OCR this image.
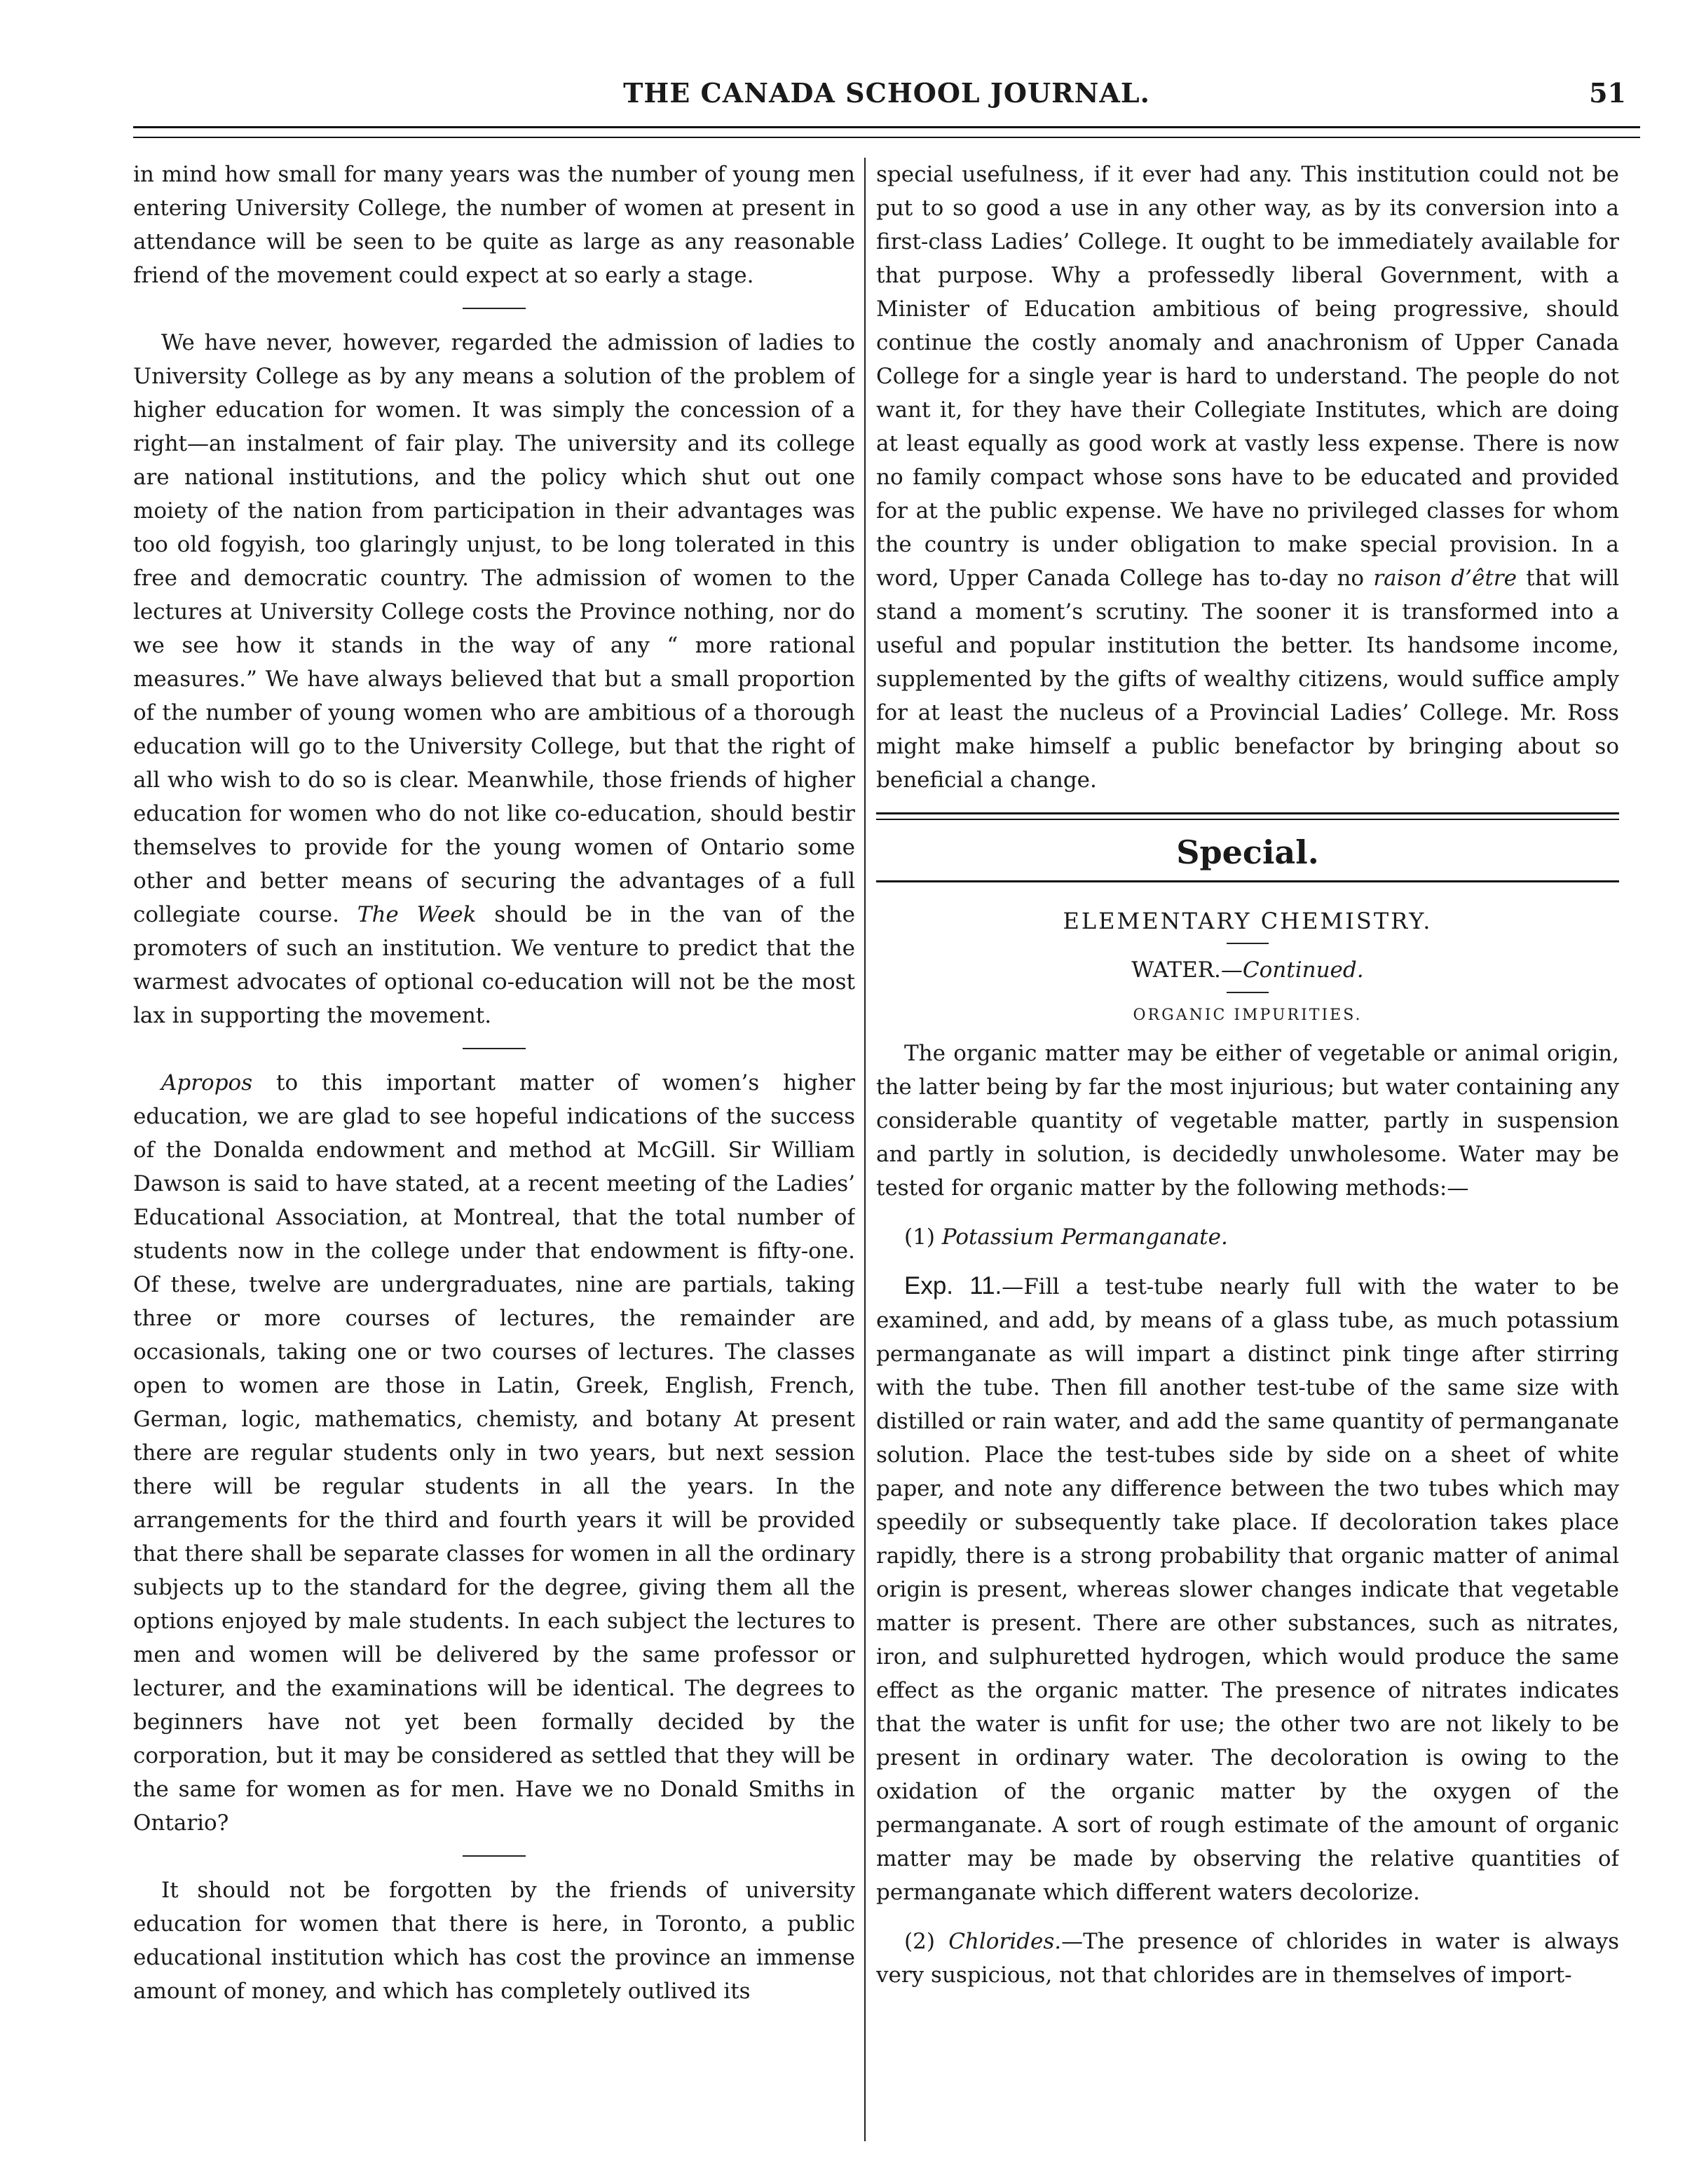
THE CANADA SCHOOL JOURNAL.	51

in mind how small for many years was the number of young men entering University College, the number of women at present in attendance will be seen to be quite as large as any reasonable friend of the movement could expect at so early a stage.

We have never, however, regarded the admission of ladies to University College as by any means a solution of the problem of higher education for women. It was simply the concession of a right—an instalment of fair play. The university and its college are national institutions, and the policy which shut out one moiety of the nation from participation in their advantages was too old fogyish, too glaringly unjust, to be long tolerated in this free and democratic country. The admission of women to the lectures at University College costs the Province nothing, nor do we see how it stands in the way of any “ more rational measures.” We have always believed that but a small proportion of the number of young women who are ambitious of a thorough education will go to the University College, but that the right of all who wish to do so is clear. Meanwhile, those friends of higher education for women who do not like co-education, should bestir themselves to provide for the young women of Ontario some other and better means of securing the advantages of a full collegiate course. The Week should be in the van of the promoters of such an institution. We venture to predict that the warmest advocates of optional co-education will not be the most lax in supporting the movement.

Apropos to this important matter of women’s higher education, we are glad to see hopeful indications of the success of the Donalda endowment and method at McGill. Sir William Dawson is said to have stated, at a recent meeting of the Ladies’ Educational Association, at Montreal, that the total number of students now in the college under that endowment is fifty-one. Of these, twelve are undergraduates, nine are partials, taking three or more courses of lectures, the remainder are occasionals, taking one or two courses of lectures. The classes open to women are those in Latin, Greek, English, French, German, logic, mathematics, chemisty, and botany At present there are regular students only in two years, but next session there will be regular students in all the years. In the arrangements for the third and fourth years it will be provided that there shall be separate classes for women in all the ordinary subjects up to the standard for the degree, giving them all the options enjoyed by male students. In each subject the lectures to men and women will be delivered by the same professor or lecturer, and the examinations will be identical. The degrees to beginners have not yet been formally decided by the corporation, but it may be considered as settled that they will be the same for women as for men. Have we no Donald Smiths in Ontario?

It should not be forgotten by the friends of university education for women that there is here, in Toronto, a public educational institution which has cost the province an immense amount of money, and which has completely outlived its

special usefulness, if it ever had any. This institution could not be put to so good a use in any other way, as by its conversion into a first-class Ladies’ College. It ought to be immediately available for that purpose. Why a professedly liberal Government, with a Minister of Education ambitious of being progressive, should continue the costly anomaly and anachronism of Upper Canada College for a single year is hard to understand. The people do not want it, for they have their Collegiate Institutes, which are doing at least equally as good work at vastly less expense. There is now no family compact whose sons have to be educated and provided for at the public expense. We have no privileged classes for whom the country is under obligation to make special provision. In a word, Upper Canada College has to-day no raison d’être that will stand a moment’s scrutiny. The sooner it is transformed into a useful and popular institution the better. Its handsome income, supplemented by the gifts of wealthy citizens, would suffice amply for at least the nucleus of a Provincial Ladies’ College. Mr. Ross might make himself a public benefactor by bringing about so beneficial a change.

Special.
ELEMENTARY CHEMISTRY.
WATER.—Continued.
ORGANIC IMPURITIES.

The organic matter may be either of vegetable or animal origin, the latter being by far the most injurious; but water containing any considerable quantity of vegetable matter, partly in suspension and partly in solution, is decidedly unwholesome. Water may be tested for organic matter by the following methods:—

(1) Potassium Permanganate.

Exp. 11.—Fill a test-tube nearly full with the water to be examined, and add, by means of a glass tube, as much potassium permanganate as will impart a distinct pink tinge after stirring with the tube. Then fill another test-tube of the same size with distilled or rain water, and add the same quantity of permanganate solution. Place the test-tubes side by side on a sheet of white paper, and note any difference between the two tubes which may speedily or subsequently take place. If decoloration takes place rapidly, there is a strong probability that organic matter of animal origin is present, whereas slower changes indicate that vegetable matter is present. There are other substances, such as nitrates, iron, and sulphuretted hydrogen, which would produce the same effect as the organic matter. The presence of nitrates indicates that the water is unfit for use; the other two are not likely to be present in ordinary water. The decoloration is owing to the oxidation of the organic matter by the oxygen of the permanganate. A sort of rough estimate of the amount of organic matter may be made by observing the relative quantities of permanganate which different waters decolorize.

(2) Chlorides.—The presence of chlorides in water is always very suspicious, not that chlorides are in themselves of import-
